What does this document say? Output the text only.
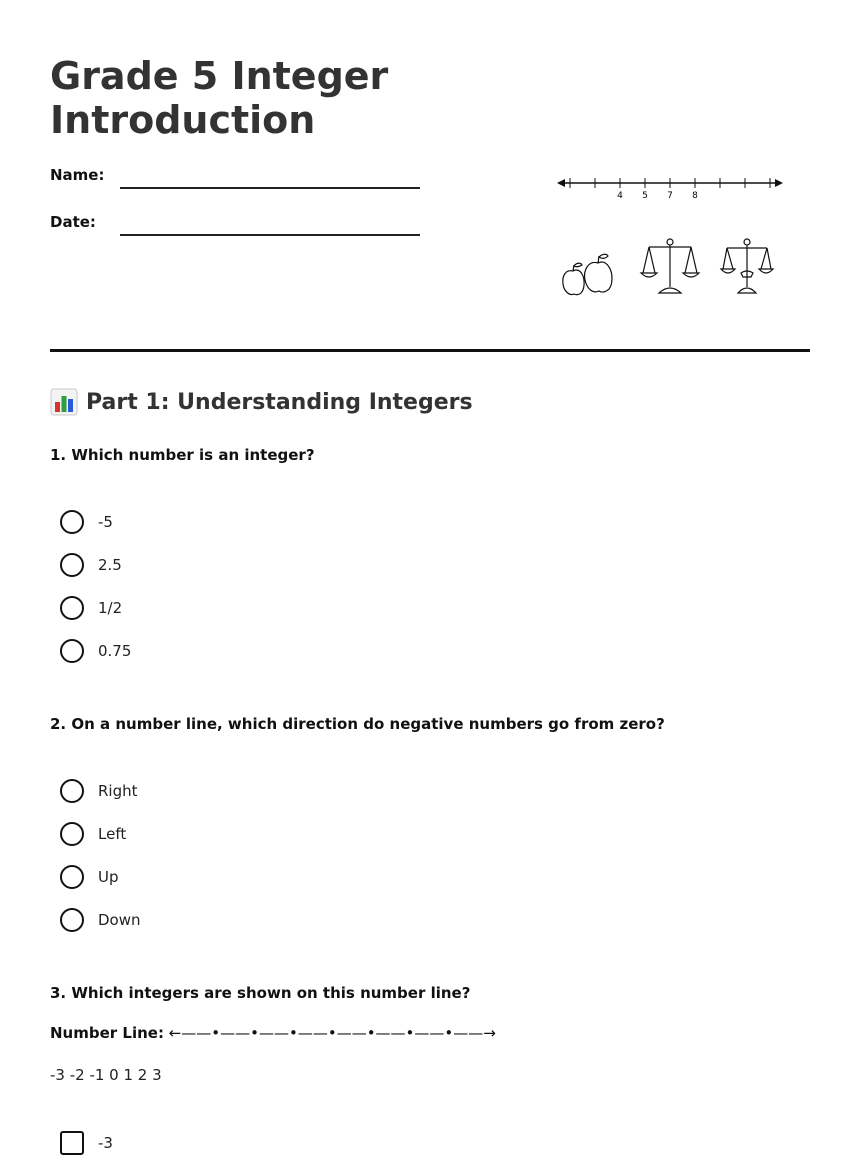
Grade 5 Integer Introduction
Name:
Date:
4 5 7 8
Part 1: Understanding Integers
1. Which number is an integer?
-5
2.5
1/2
0.75
2. On a number line, which direction do negative numbers go from zero?
Right
Left
Up
Down
3. Which integers are shown on this number line?
Number Line: ←——•——•——•——•——•——•——•——→
-3 -2 -1 0 1 2 3
-3
